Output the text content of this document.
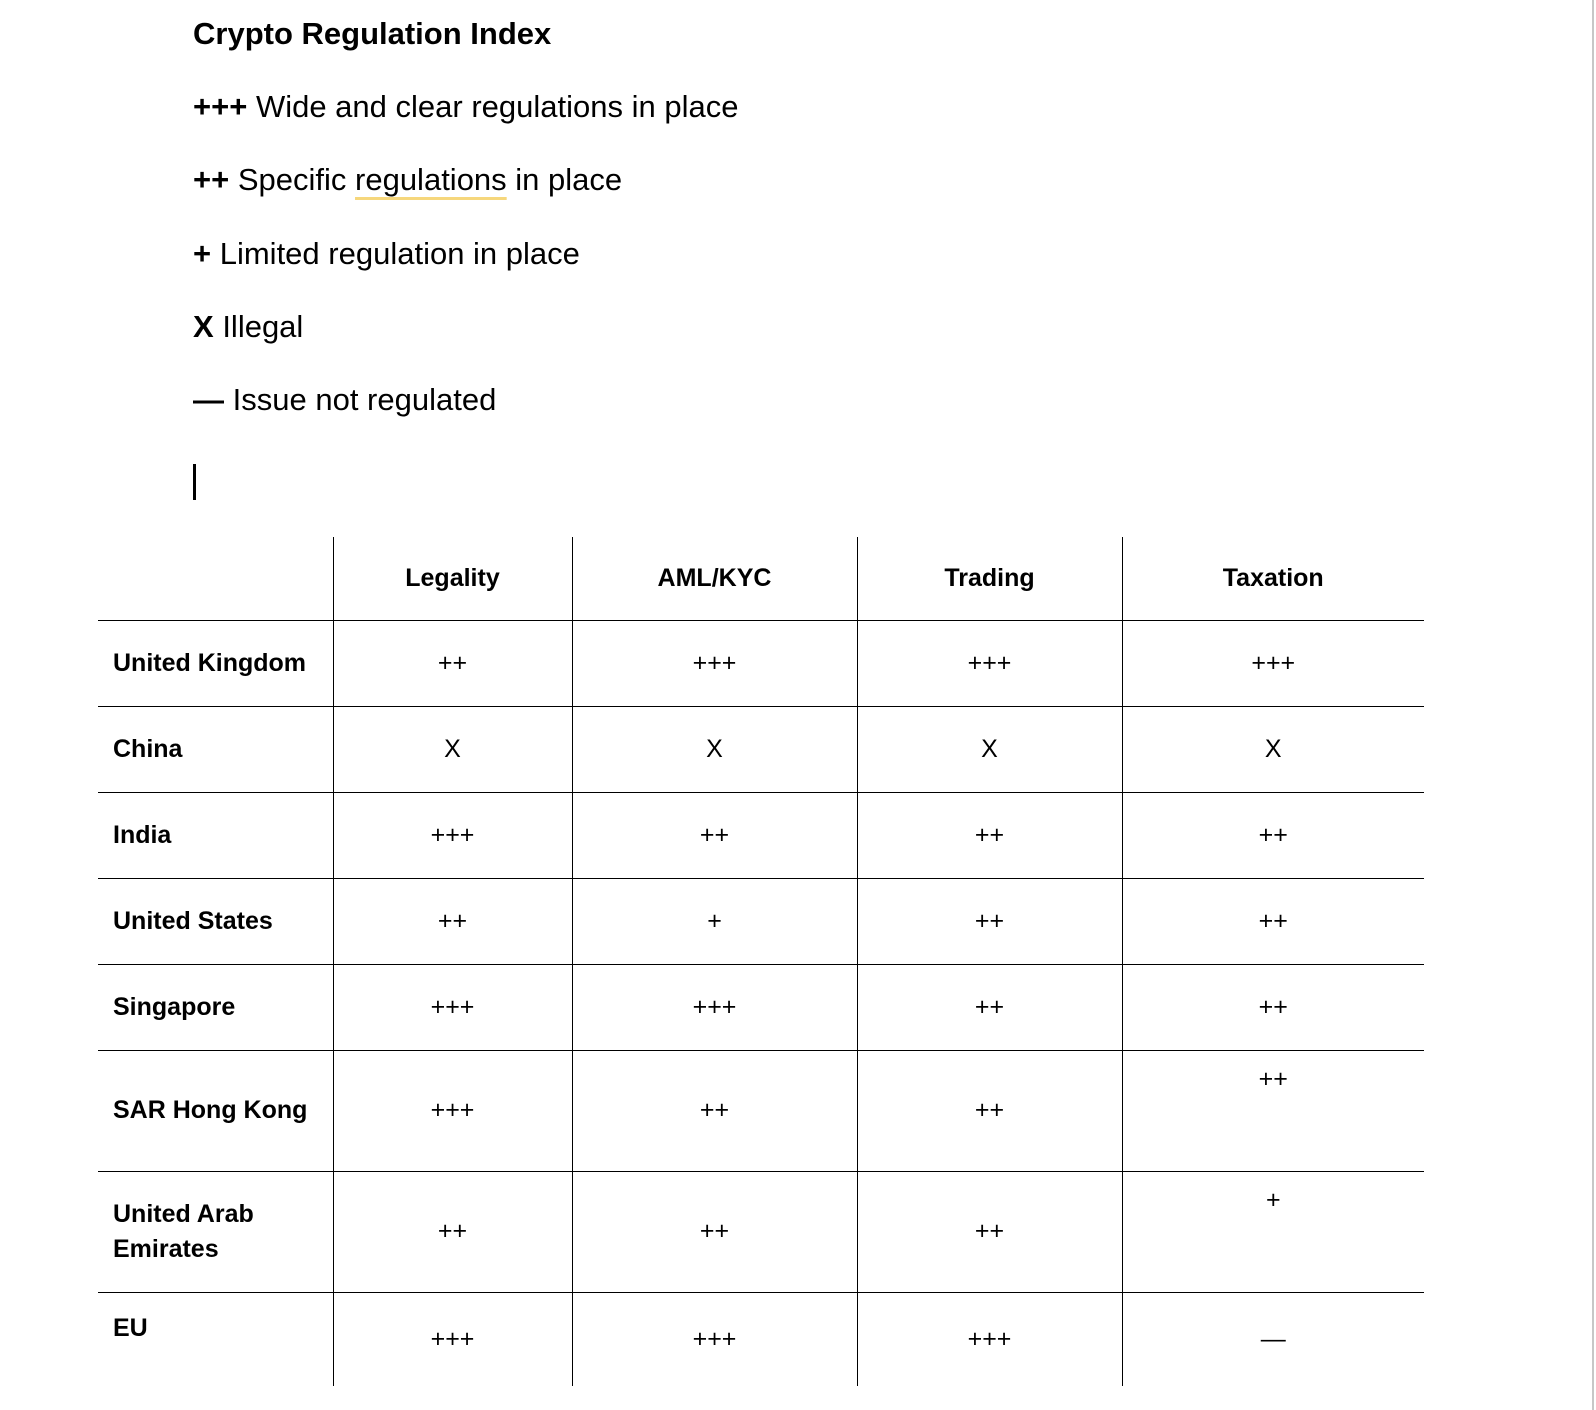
Crypto Regulation Index
+++ Wide and clear regulations in place
++ Specific regulations in place
+ Limited regulation in place
X Illegal
— Issue not regulated
	Legality	AML/KYC	Trading	Taxation
United Kingdom	++	+++	+++	+++
China	X	X	X	X
India	+++	++	++	++
United States	++	+	++	++
Singapore	+++	+++	++	++
SAR Hong Kong	+++	++	++	++
United Arab Emirates	++	++	++	+
EU	+++	+++	+++	—
